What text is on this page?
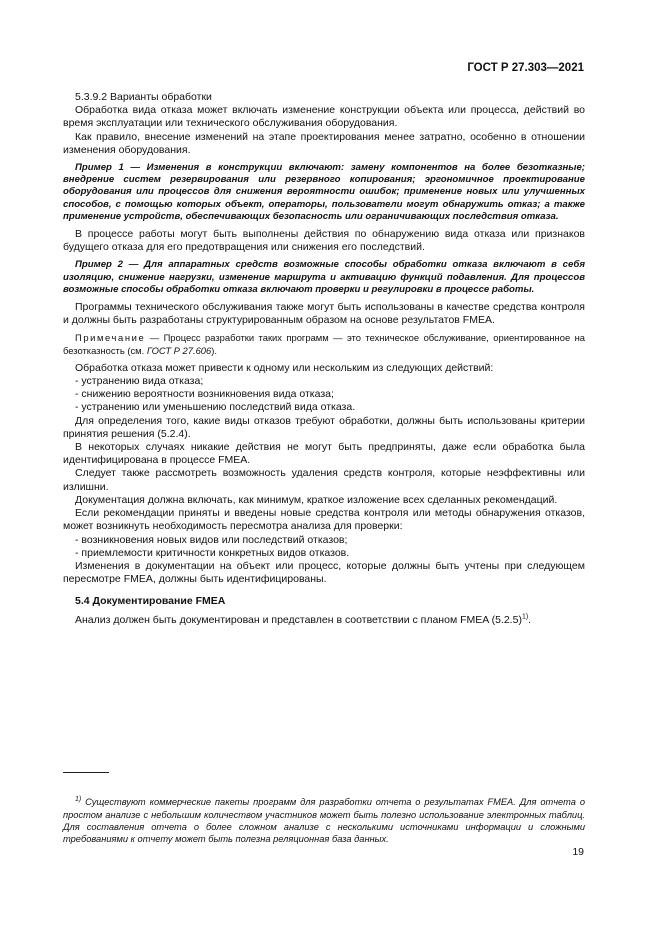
ГОСТ Р 27.303—2021

5.3.9.2 Варианты обработки

Обработка вида отказа может включать изменение конструкции объекта или процесса, действий во время эксплуатации или технического обслуживания оборудования.

Как правило, внесение изменений на этапе проектирования менее затратно, особенно в отношении изменения оборудования.

Пример 1 — Изменения в конструкции включают: замену компонентов на более безотказные; внедрение систем резервирования или резервного копирования; эргономичное проектирование оборудования или процессов для снижения вероятности ошибок; применение новых или улучшенных способов, с помощью которых объект, операторы, пользователи могут обнаружить отказ; а также применение устройств, обеспечивающих безопасность или ограничивающих последствия отказа.

В процессе работы могут быть выполнены действия по обнаружению вида отказа или признаков будущего отказа для его предотвращения или снижения его последствий.

Пример 2 — Для аппаратных средств возможные способы обработки отказа включают в себя изоляцию, снижение нагрузки, изменение маршрута и активацию функций подавления. Для процессов возможные способы обработки отказа включают проверки и регулировки в процессе работы.

Программы технического обслуживания также могут быть использованы в качестве средства контроля и должны быть разработаны структурированным образом на основе результатов FMEA.

Примечание — Процесс разработки таких программ — это техническое обслуживание, ориентированное на безотказность (см. ГОСТ Р 27.606).

Обработка отказа может привести к одному или нескольким из следующих действий:

- устранению вида отказа;

- снижению вероятности возникновения вида отказа;

- устранению или уменьшению последствий вида отказа.

Для определения того, какие виды отказов требуют обработки, должны быть использованы критерии принятия решения (5.2.4).

В некоторых случаях никакие действия не могут быть предприняты, даже если обработка была идентифицирована в процессе FMEA.

Следует также рассмотреть возможность удаления средств контроля, которые неэффективны или излишни.

Документация должна включать, как минимум, краткое изложение всех сделанных рекомендаций.

Если рекомендации приняты и введены новые средства контроля или методы обнаружения отказов, может возникнуть необходимость пересмотра анализа для проверки:

- возникновения новых видов или последствий отказов;

- приемлемости критичности конкретных видов отказов.

Изменения в документации на объект или процесс, которые должны быть учтены при следующем пересмотре FMEA, должны быть идентифицированы.

5.4 Документирование FMEA

Анализ должен быть документирован и представлен в соответствии с планом FMEA $(5.2.5)^{1)}$.

$^{1)}$ Существуют коммерческие пакеты программ для разработки отчета о результатах FMEA. Для отчета о простом анализе с небольшим количеством участников может быть полезно использование электронных таблиц. Для составления отчета о более сложном анализе с несколькими источниками информации и сложными требованиями к отчету может быть полезна реляционная база данных.

19
